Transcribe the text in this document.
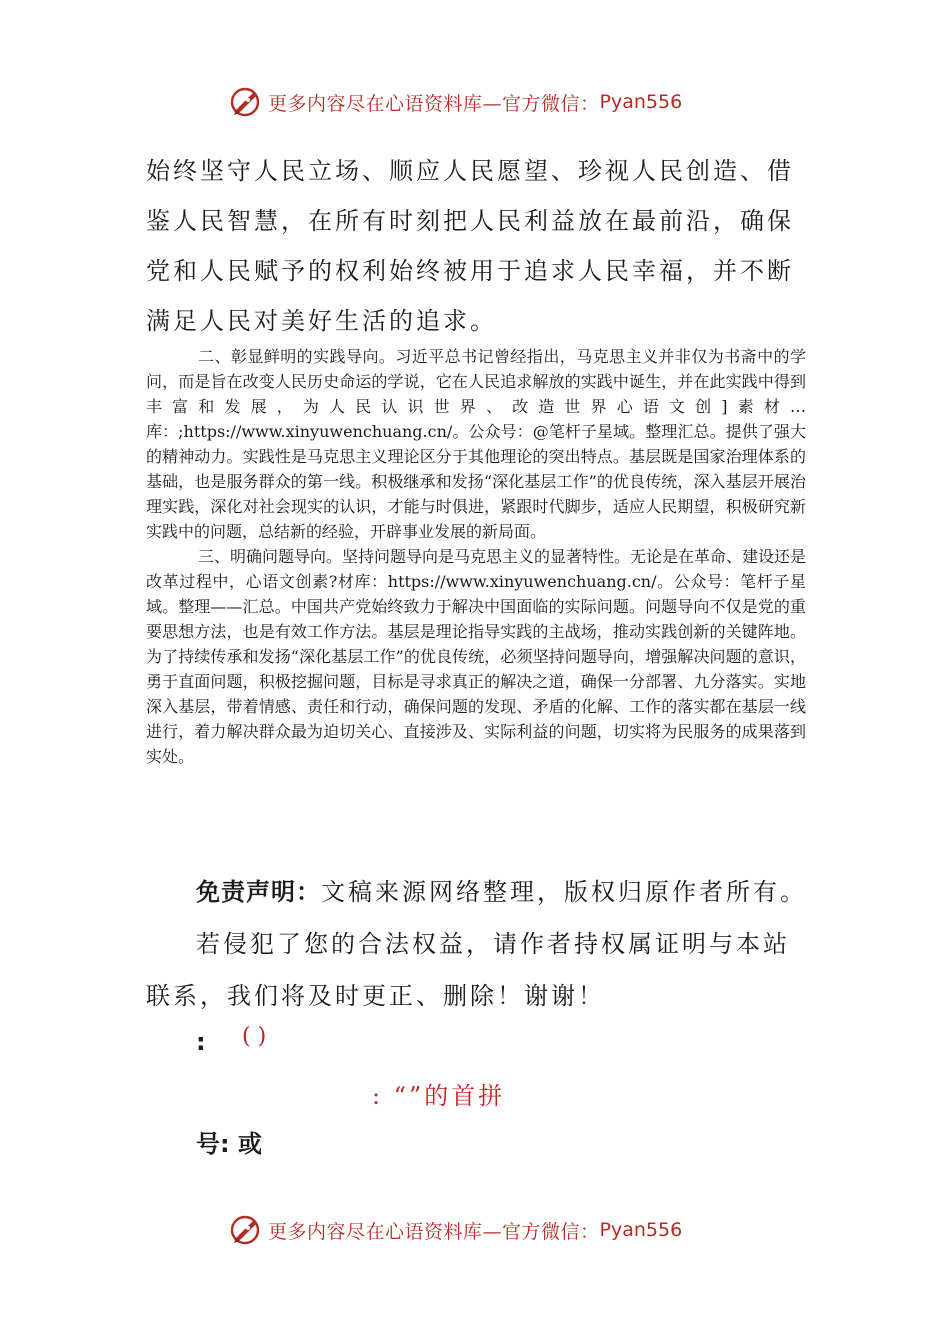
更多内容尽在心语资料库—官方微信： Pyan556

始终坚守人民立场、顺应人民愿望、珍视人民创造、借鉴人民智慧，在所有时刻把人民利益放在最前沿，确保党和人民赋予的权利始终被用于追求人民幸福，并不断满足人民对美好生活的追求。

二、彰显鲜明的实践导向。习近平总书记曾经指出，马克思主义并非仅为书斋中的学问，而是旨在改变人民历史命运的学说，它在人民追求解放的实践中诞生，并在此实践中得到丰富和发展，为人民认识世界、改造世界心语文创]素材…库：;https://www.xinyuwenchuang.cn/。公众号：@笔杆子星域。整理汇总。提供了强大的精神动力。实践性是马克思主义理论区分于其他理论的突出特点。基层既是国家治理体系的基础，也是服务群众的第一线。积极继承和发扬“深化基层工作”的优良传统，深入基层开展治理实践，深化对社会现实的认识，才能与时俱进，紧跟时代脚步，适应人民期望，积极研究新实践中的问题，总结新的经验，开辟事业发展的新局面。

三、明确问题导向。坚持问题导向是马克思主义的显著特性。无论是在革命、建设还是改革过程中，心语文创素?材库：https://www.xinyuwenchuang.cn/。公众号：笔杆子星域。整理——汇总。中国共产党始终致力于解决中国面临的实际问题。问题导向不仅是党的重要思想方法，也是有效工作方法。基层是理论指导实践的主战场，推动实践创新的关键阵地。为了持续传承和发扬“深化基层工作”的优良传统，必须坚持问题导向，增强解决问题的意识，勇于直面问题，积极挖掘问题，目标是寻求真正的解决之道，确保一分部署、九分落实。实地深入基层，带着情感、责任和行动，确保问题的发现、矛盾的化解、工作的落实都在基层一线进行，着力解决群众最为迫切关心、直接涉及、实际利益的问题，切实将为民服务的成果落到实处。

免责声明：文稿来源网络整理，版权归原作者所有。

若侵犯了您的合法权益，请作者持权属证明与本站联系，我们将及时更正、删除！谢谢！

: ( )
: “”的首拼
号: 或
更多内容尽在心语资料库—官方微信： Pyan556
